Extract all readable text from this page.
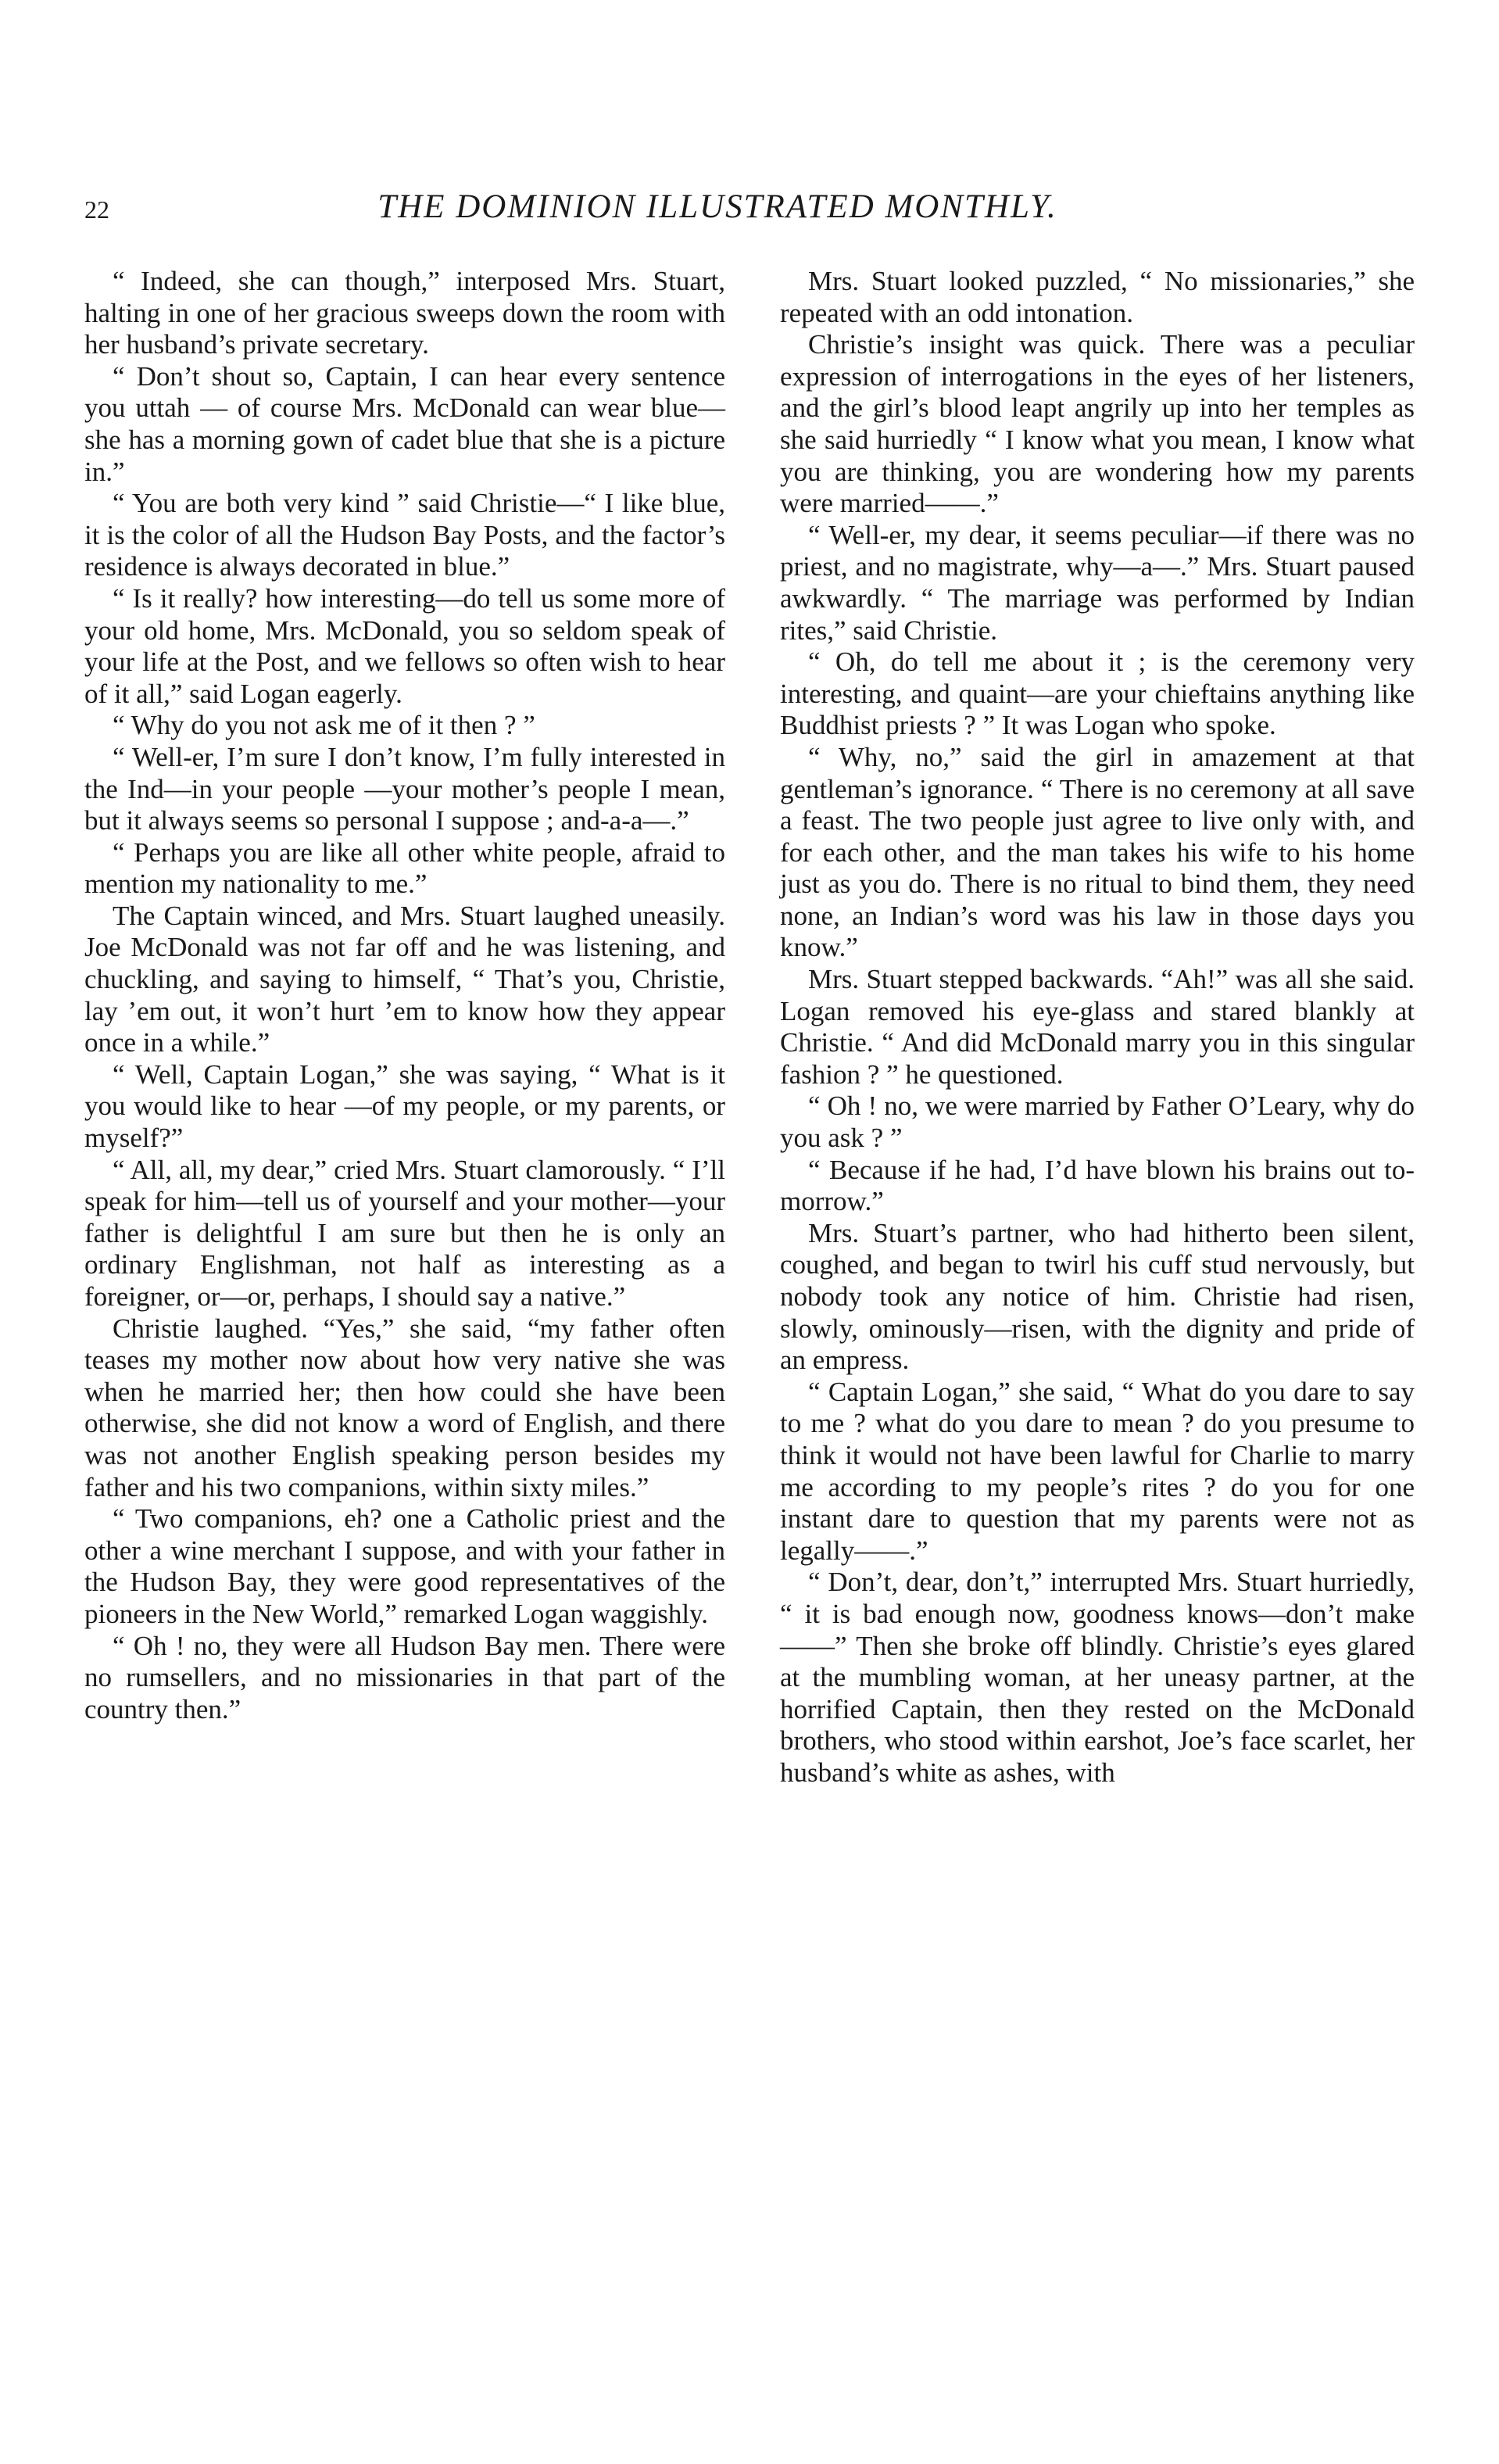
22	THE DOMINION ILLUSTRATED MONTHLY.

“ Indeed, she can though,” interposed Mrs. Stuart, halting in one of her gracious sweeps down the room with her husband’s private secretary.

“ Don’t shout so, Captain, I can hear every sentence you uttah — of course Mrs. McDonald can wear blue—she has a morning gown of cadet blue that she is a picture in.”

“ You are both very kind ” said Christie—“ I like blue, it is the color of all the Hudson Bay Posts, and the factor’s residence is always decorated in blue.”

“ Is it really? how interesting—do tell us some more of your old home, Mrs. McDonald, you so seldom speak of your life at the Post, and we fellows so often wish to hear of it all,” said Logan eagerly.

“ Why do you not ask me of it then ? ”

“ Well-er, I’m sure I don’t know, I’m fully interested in the Ind—in your people —your mother’s people I mean, but it always seems so personal I suppose ; and-a-a—.”

“ Perhaps you are like all other white people, afraid to mention my nationality to me.”

The Captain winced, and Mrs. Stuart laughed uneasily. Joe McDonald was not far off and he was listening, and chuckling, and saying to himself, “ That’s you, Christie, lay ’em out, it won’t hurt ’em to know how they appear once in a while.”

“ Well, Captain Logan,” she was saying, “ What is it you would like to hear —of my people, or my parents, or myself?”

“ All, all, my dear,” cried Mrs. Stuart clamorously. “ I’ll speak for him—tell us of yourself and your mother—your father is delightful I am sure but then he is only an ordinary Englishman, not half as interesting as a foreigner, or—or, perhaps, I should say a native.”

Christie laughed. “Yes,” she said, “my father often teases my mother now about how very native she was when he married her; then how could she have been otherwise, she did not know a word of English, and there was not another English speaking person besides my father and his two companions, within sixty miles.”

“ Two companions, eh? one a Catholic priest and the other a wine merchant I suppose, and with your father in the Hudson Bay, they were good representatives of the pioneers in the New World,” remarked Logan waggishly.

“ Oh ! no, they were all Hudson Bay men. There were no rumsellers, and no missionaries in that part of the country then.”

Mrs. Stuart looked puzzled, “ No missionaries,” she repeated with an odd intonation.

Christie’s insight was quick. There was a peculiar expression of interrogations in the eyes of her listeners, and the girl’s blood leapt angrily up into her temples as she said hurriedly “ I know what you mean, I know what you are thinking, you are wondering how my parents were married——.”

“ Well-er, my dear, it seems peculiar—if there was no priest, and no magistrate, why—a—.” Mrs. Stuart paused awkwardly. “ The marriage was performed by Indian rites,” said Christie.

“ Oh, do tell me about it ; is the ceremony very interesting, and quaint—are your chieftains anything like Buddhist priests ? ” It was Logan who spoke.

“ Why, no,” said the girl in amazement at that gentleman’s ignorance. “ There is no ceremony at all save a feast. The two people just agree to live only with, and for each other, and the man takes his wife to his home just as you do. There is no ritual to bind them, they need none, an Indian’s word was his law in those days you know.”

Mrs. Stuart stepped backwards. “Ah!” was all she said. Logan removed his eye-glass and stared blankly at Christie. “ And did McDonald marry you in this singular fashion ? ” he questioned.

“ Oh ! no, we were married by Father O’Leary, why do you ask ? ”

“ Because if he had, I’d have blown his brains out to-morrow.”

Mrs. Stuart’s partner, who had hitherto been silent, coughed, and began to twirl his cuff stud nervously, but nobody took any notice of him. Christie had risen, slowly, ominously—risen, with the dignity and pride of an empress.

“ Captain Logan,” she said, “ What do you dare to say to me ? what do you dare to mean ? do you presume to think it would not have been lawful for Charlie to marry me according to my people’s rites ? do you for one instant dare to question that my parents were not as legally——.”

“ Don’t, dear, don’t,” interrupted Mrs. Stuart hurriedly, “ it is bad enough now, goodness knows—don’t make——” Then she broke off blindly. Christie’s eyes glared at the mumbling woman, at her uneasy partner, at the horrified Captain, then they rested on the McDonald brothers, who stood within earshot, Joe’s face scarlet, her husband’s white as ashes, with
